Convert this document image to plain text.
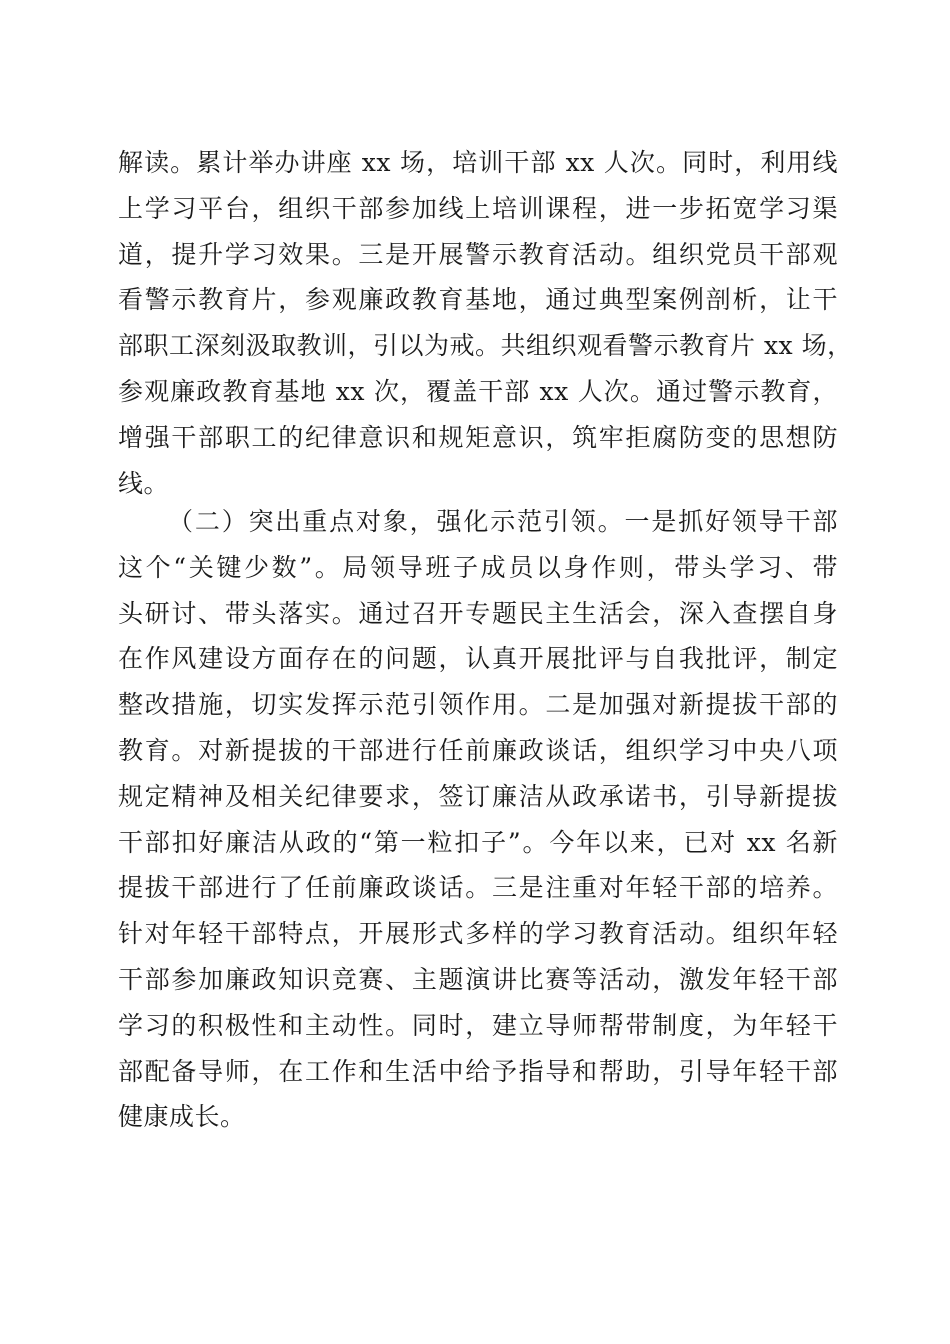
解读。累计举办讲座 xx 场，培训干部 xx 人次。同时，利用线
上学习平台，组织干部参加线上培训课程，进一步拓宽学习渠
道，提升学习效果。三是开展警示教育活动。组织党员干部观
看警示教育片，参观廉政教育基地，通过典型案例剖析，让干
部职工深刻汲取教训，引以为戒。共组织观看警示教育片 xx 场，
参观廉政教育基地 xx 次，覆盖干部 xx 人次。通过警示教育，
增强干部职工的纪律意识和规矩意识，筑牢拒腐防变的思想防
线。
（二）突出重点对象，强化示范引领。一是抓好领导干部
这个“关键少数”。局领导班子成员以身作则，带头学习、带
头研讨、带头落实。通过召开专题民主生活会，深入查摆自身
在作风建设方面存在的问题，认真开展批评与自我批评，制定
整改措施，切实发挥示范引领作用。二是加强对新提拔干部的
教育。对新提拔的干部进行任前廉政谈话，组织学习中央八项
规定精神及相关纪律要求，签订廉洁从政承诺书，引导新提拔
干部扣好廉洁从政的“第一粒扣子”。今年以来，已对 xx 名新
提拔干部进行了任前廉政谈话。三是注重对年轻干部的培养。
针对年轻干部特点，开展形式多样的学习教育活动。组织年轻
干部参加廉政知识竞赛、主题演讲比赛等活动，激发年轻干部
学习的积极性和主动性。同时，建立导师帮带制度，为年轻干
部配备导师，在工作和生活中给予指导和帮助，引导年轻干部
健康成长。
